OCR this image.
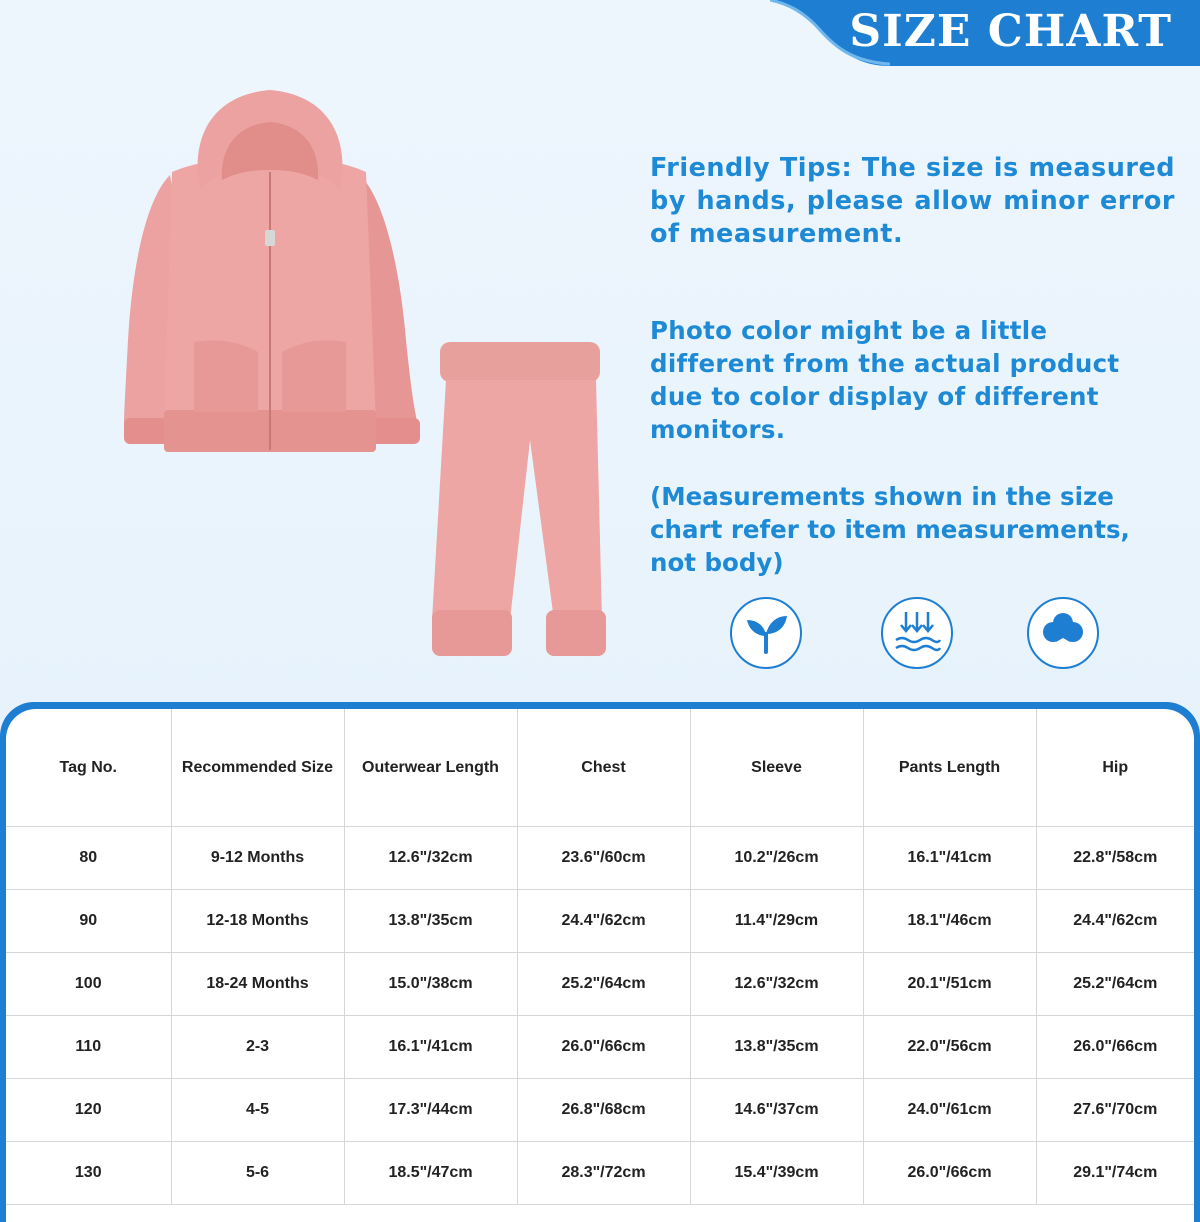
SIZE CHART

Friendly Tips: The size is measured by hands, please allow minor error of measurement.

Photo color might be a little different from the actual product due to color display of different monitors.

(Measurements shown in the size chart refer to item measurements, not body)

Tag No.	Recommended Size	Outerwear Length	Chest	Sleeve	Pants Length	Hip
80	9-12 Months	12.6"/32cm	23.6"/60cm	10.2"/26cm	16.1"/41cm	22.8"/58cm
90	12-18 Months	13.8"/35cm	24.4"/62cm	11.4"/29cm	18.1"/46cm	24.4"/62cm
100	18-24 Months	15.0"/38cm	25.2"/64cm	12.6"/32cm	20.1"/51cm	25.2"/64cm
110	2-3	16.1"/41cm	26.0"/66cm	13.8"/35cm	22.0"/56cm	26.0"/66cm
120	4-5	17.3"/44cm	26.8"/68cm	14.6"/37cm	24.0"/61cm	27.6"/70cm
130	5-6	18.5"/47cm	28.3"/72cm	15.4"/39cm	26.0"/66cm	29.1"/74cm
